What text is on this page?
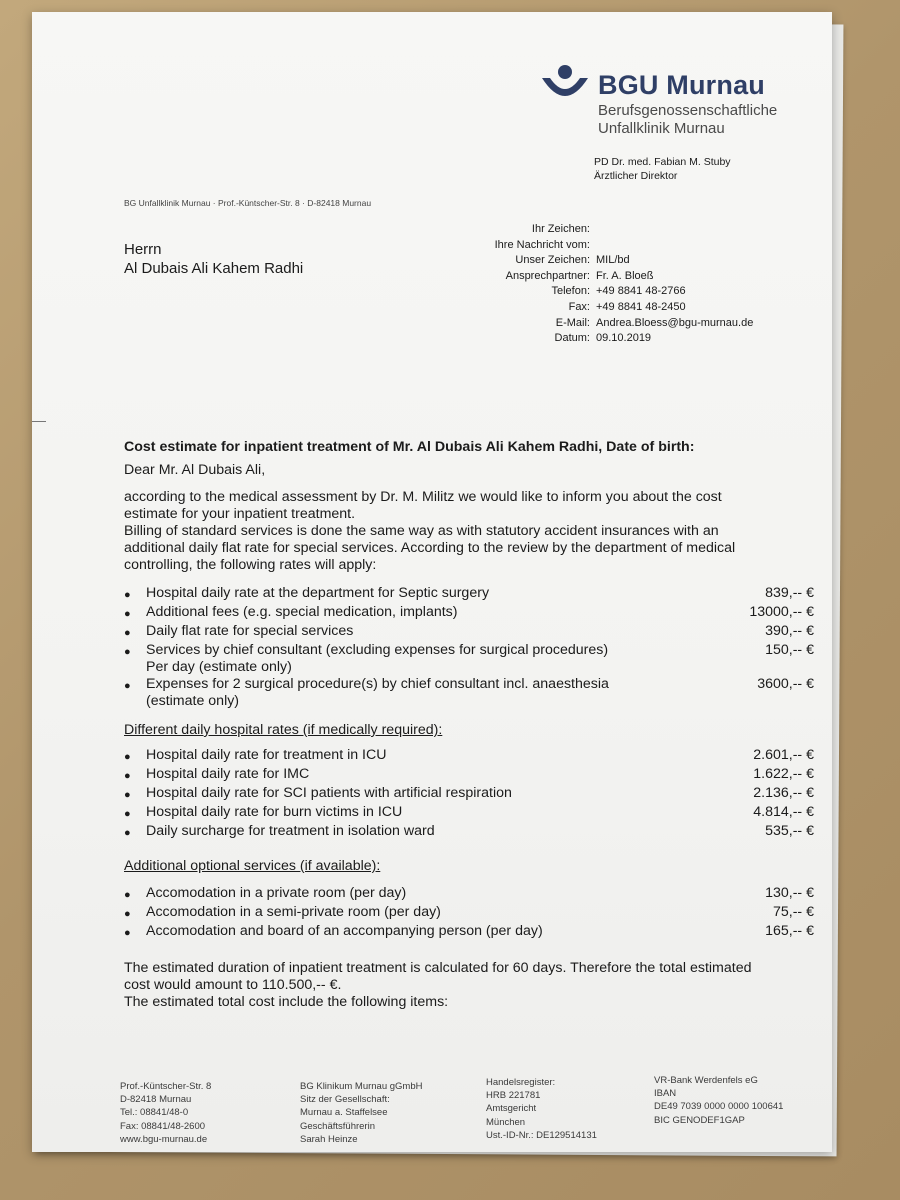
BGU Murnau
Berufsgenossenschaftliche
Unfallklinik Murnau
PD Dr. med. Fabian M. Stuby
Ärztlicher Direktor
BG Unfallklinik Murnau · Prof.-Küntscher-Str. 8 · D-82418 Murnau
Herrn
Al Dubais Ali Kahem Radhi
Ihr Zeichen:
Ihre Nachricht vom:
Unser Zeichen: MIL/bd
Ansprechpartner: Fr. A. Bloeß
Telefon: +49 8841 48-2766
Fax: +49 8841 48-2450
E-Mail: Andrea.Bloess@bgu-murnau.de
Datum: 09.10.2019
Cost estimate for inpatient treatment of Mr. Al Dubais Ali Kahem Radhi, Date of birth:
Dear Mr. Al Dubais Ali,
according to the medical assessment by Dr. M. Militz we would like to inform you about the cost
estimate for your inpatient treatment.
Billing of standard services is done the same way as with statutory accident insurances with an
additional daily flat rate for special services. According to the review by the department of medical
controlling, the following rates will apply:
●	Hospital daily rate at the department for Septic surgery	839,-- €
●	Additional fees (e.g. special medication, implants)	13000,-- €
●	Daily flat rate for special services	390,-- €
●	Services by chief consultant (excluding expenses for surgical procedures)
Per day (estimate only)
150,-- €
●	Expenses for 2 surgical procedure(s) by chief consultant incl. anaesthesia
(estimate only)
3600,-- €
Different daily hospital rates (if medically required):
●	Hospital daily rate for treatment in ICU	2.601,-- €
●	Hospital daily rate for IMC	1.622,-- €
●	Hospital daily rate for SCI patients with artificial respiration	2.136,-- €
●	Hospital daily rate for burn victims in ICU	4.814,-- €
●	Daily surcharge for treatment in isolation ward	535,-- €
Additional optional services (if available):
●	Accomodation in a private room (per day)	130,-- €
●	Accomodation in a semi-private room (per day)	75,-- €
●	Accomodation and board of an accompanying person (per day)	165,-- €
The estimated duration of inpatient treatment is calculated for 60 days. Therefore the total estimated
cost would amount to 110.500,-- €.
The estimated total cost include the following items:
Prof.-Küntscher-Str. 8
D-82418 Murnau
Tel.: 08841/48-0
Fax: 08841/48-2600
www.bgu-murnau.de
BG Klinikum Murnau gGmbH
Sitz der Gesellschaft:
Murnau a. Staffelsee
Geschäftsführerin
Sarah Heinze
Handelsregister:
HRB 221781
Amtsgericht
München
Ust.-ID-Nr.: DE129514131
VR-Bank Werdenfels eG
IBAN
DE49 7039 0000 0000 100641
BIC GENODEF1GAP
